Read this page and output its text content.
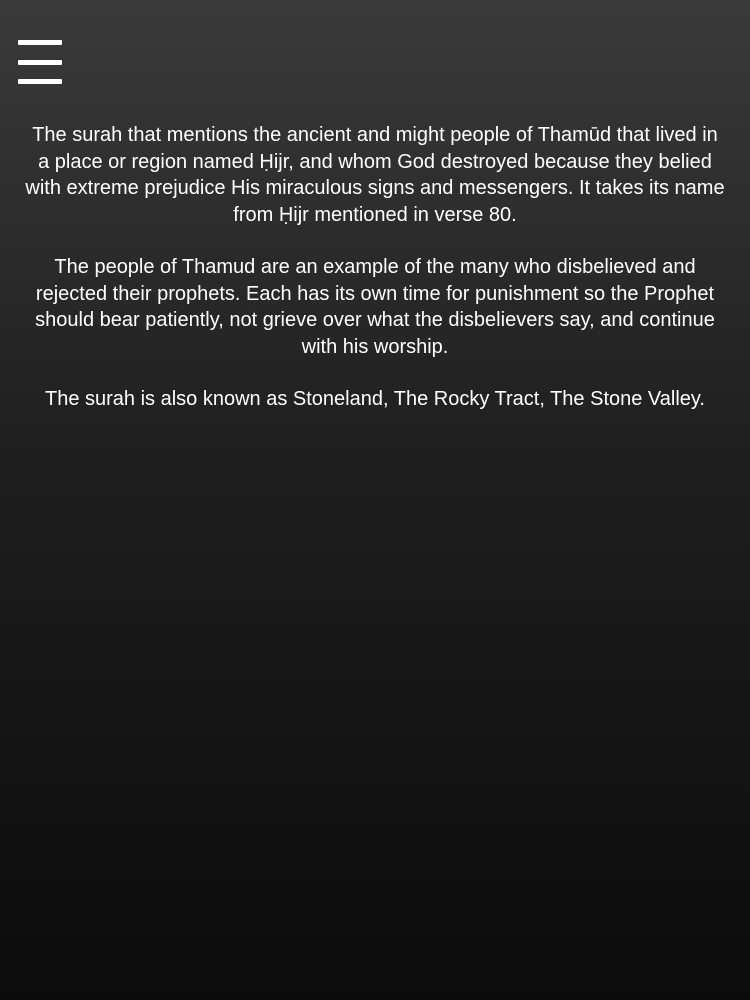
The surah that mentions the ancient and might people of Thamūd that lived in a place or region named Ḥijr, and whom God destroyed because they belied with extreme prejudice His miraculous signs and messengers. It takes its name from Ḥijr mentioned in verse 80.

The people of Thamud are an example of the many who disbelieved and rejected their prophets. Each has its own time for punishment so the Prophet should bear patiently, not grieve over what the disbelievers say, and continue with his worship.

The surah is also known as Stoneland, The Rocky Tract, The Stone Valley.
